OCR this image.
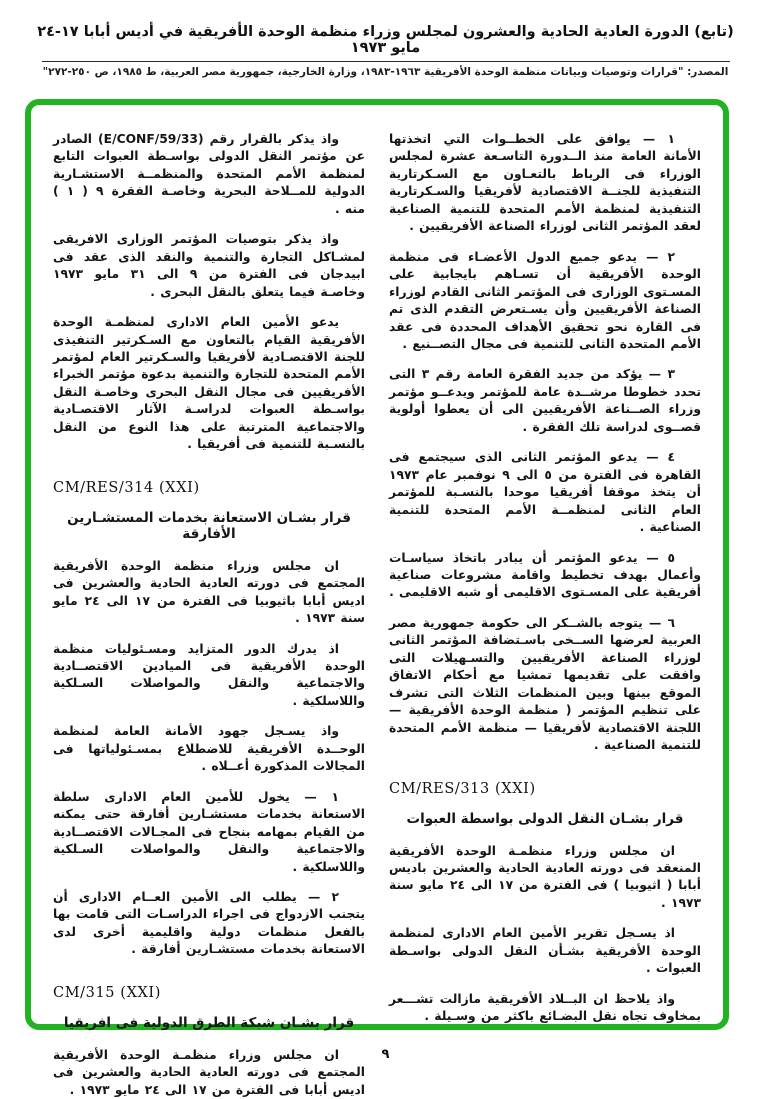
(تابع) الدورة العادية الحادية والعشرون لمجلس وزراء منظمة الوحدة الأفريقية في أديس أبابا ١٧-٢٤ مايو ١٩٧٣
المصدر: "قرارات وتوصيات وبيانات منظمة الوحدة الأفريقية ١٩٦٣-١٩٨٣، وزارة الخارجية، جمهورية مصر العربية، ط ١٩٨٥، ص ٢٥٠-٢٧٢"

١ — يوافق على الخطــوات التي اتخذتها الأمانة العامة منذ الــدورة التاسـعة عشرة لمجلس الوزراء فى الرباط بالتعـاون مع السـكرتارية التنفيذية للجنــة الاقتصادية لأفريقيا والسـكرتارية التنفيذية لمنظمة الأمم المتحدة للتنمية الصناعية لعقد المؤتمر الثانى لوزراء الصناعة الأفريقيين .

٢ — يدعو جميع الدول الأعضـاء فى منظمة الوحدة الأفريقية أن تسـاهم بايجابية على المسـتوى الوزارى فى المؤتمر الثانى القادم لوزراء الصناعة الأفريقيين وأن يسـتعرض التقدم الذى تم فى القارة نحو تحقيق الأهداف المحددة فى عقد الأمم المتحدة الثانى للتنمية فى مجال التصــنيع .

٣ — يؤكد من جديد الفقرة العامة رقم ٣ التى تحدد خطوطا مرشــدة عامة للمؤتمر ويدعــو مؤتمر وزراء الصــناعة الأفريقيين الى أن يعطوا أولوية قصــوى لدراسة تلك الفقرة .

٤ — يدعو المؤتمر الثانى الذى سيجتمع فى القاهرة فى الفترة من ٥ الى ٩ نوفمبر عام ١٩٧٣ أن يتخذ موقفا أفريقيا موحدا بالنسـبة للمؤتمر العام الثانى لمنظمــة الأمم المتحدة للتنمية الصناعية .

٥ — يدعو المؤتمر أن يبادر باتخاذ سياسـات وأعمال بهدف تخطيط واقامة مشروعات صناعية أفريقية على المسـتوى الاقليمى أو شبه الاقليمى .

٦ — يتوجه بالشــكر الى حكومة جمهورية مصر العربية لعرضها الســخى باسـتضافة المؤتمر الثانى لوزراء الصناعة الأفريقيين والتسـهيلات التى وافقت على تقديمها تمشيا مع أحكام الاتفاق الموقع بينها وبين المنظمات الثلاث التى تشرف على تنظيم المؤتمر ( منظمة الوحدة الأفريقية — اللجنة الاقتصادية لأفريقيا — منظمة الأمم المتحدة للتنمية الصناعية .

CM/RES/313 (XXI)
قرار بشـان النقل الدولى بواسطة العبوات

ان مجلس وزراء منظمـة الوحدة الأفريقية المنعقد فى دورته العادية الحادية والعشرين باديس أبابا ( اثيوبيا ) فى الفترة من ١٧ الى ٢٤ مايو سنة ١٩٧٣ .

اذ يسـجل تقرير الأمين العام الادارى لمنظمة الوحدة الأفريقية بشـأن النقل الدولى بواسـطة العبوات .

واذ يلاحظ ان البــلاد الأفريقية مازالت تشـــعر بمخاوف تجاه نقل البضـائع باكثر من وسـيلة .

واذ يذكر بالقرار رقم (E/CONF/59/33) الصادر عن مؤتمر النقل الدولى بواسـطة العبوات التابع لمنظمة الأمم المتحدة والمنظمــة الاستشـارية الدولية للمــلاحة البحرية وخاصـة الفقرة ٩ ( ١ ) منه .

واذ يذكر بتوصيات المؤتمر الوزارى الافريقى لمشـاكل التجارة والتنمية والنقد الذى عقد فى ابيدجان فى الفترة من ٩ الى ٣١ مايو ١٩٧٣ وخاصـة فيما يتعلق بالنقل البحرى .

يدعو الأمين العام الادارى لمنظمـة الوحدة الأفريقية القيام بالتعاون مع السـكرتير التنفيذى للجنة الاقتصـادية لأفريقيا والسـكرتير العام لمؤتمر الأمم المتحدة للتجارة والتنمية بدعوة مؤتمر الخبراء الأفريقيين فى مجال النقل البحرى وخاصـة النقل بواسـطة العبوات لدراسـة الآثار الاقتصـادية والاجتماعية المترتبة على هذا النوع من النقل بالنسـبة للتنمية فى أفريقيا .

CM/RES/314 (XXI)
قرار بشـان الاستعانة بخدمات المستشـارين الأفارقة

ان مجلس وزراء منظمة الوحدة الأفريقية المجتمع فى دورته العادية الحادية والعشرين فى اديس أبابا باثيوبيا فى الفترة من ١٧ الى ٢٤ مايو سنة ١٩٧٣ .

اذ يدرك الدور المتزايد ومسـئوليات منظمة الوحدة الأفريقية فى الميادين الاقتصــادية والاجتماعية والنقل والمواصلات السـلكية واللاسلكية .

واذ يسـجل جهود الأمانة العامة لمنظمة الوحــدة الأفريقية للاضطلاع بمسـئولياتها فى المجالات المذكورة أعــلاه .

١ — يخول للأمين العام الادارى سلطة الاستعانة بخدمات مستشـارين أفارقة حتى يمكنه من القيام بمهامه بنجاح فى المجـالات الاقتصــادية والاجتماعية والنقل والمواصلات السـلكية واللاسلكية .

٢ — يطلب الى الأمين العــام الادارى أن يتجنب الازدواج فى اجراء الدراسـات التى قامت بها بالفعل منظمات دولية واقليمية أخرى لدى الاستعانة بخدمات مستشـارين أفارقة .

CM/315 (XXI)
قرار بشـان شبكة الطرق الدولية فى افريقيا

ان مجلس وزراء منظمـة الوحدة الأفريقية المجتمع فى دورته العادية الحادية والعشرين فى اديس أبابا فى الفترة من ١٧ الى ٢٤ مايو ١٩٧٣ .

٩
